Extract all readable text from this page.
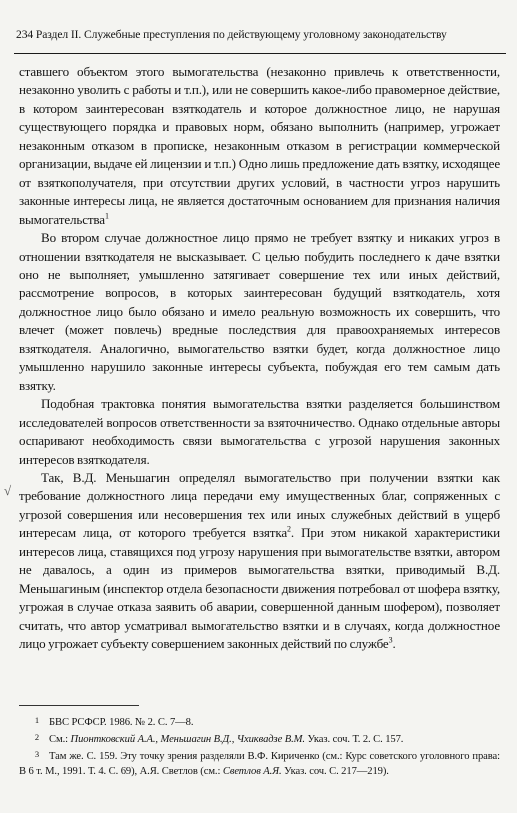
234 Раздел II. Служебные преступления по действующему уголовному законодательству

ставшего объектом этого вымогательства (незаконно привлечь к ответственности, незаконно уволить с работы и т.п.), или не совершить какое-либо правомерное действие, в котором заинтересован взяткодатель и которое должностное лицо, не нарушая существующего порядка и правовых норм, обязано выполнить (например, угрожает незаконным отказом в прописке, незаконным отказом в регистрации коммерческой организации, выдаче ей лицензии и т.п.) Одно лишь предложение дать взятку, исходящее от взяткополучателя, при отсутствии других условий, в частности угроз нарушить законные интересы лица, не является достаточным основанием для признания наличия вымогательства$^1$

Во втором случае должностное лицо прямо не требует взятку и никаких угроз в отношении взяткодателя не высказывает. С целью побудить последнего к даче взятки оно не выполняет, умышленно затягивает совершение тех или иных действий, рассмотрение вопросов, в которых заинтересован будущий взяткодатель, хотя должностное лицо было обязано и имело реальную возможность их совершить, что влечет (может повлечь) вредные последствия для правоохраняемых интересов взяткодателя. Аналогично, вымогательство взятки будет, когда должностное лицо умышленно нарушило законные интересы субъекта, побуждая его тем самым дать взятку.

Подобная трактовка понятия вымогательства взятки разделяется большинством исследователей вопросов ответственности за взяточничество. Однако отдельные авторы оспаривают необходимость связи вымогательства с угрозой нарушения законных интересов взяткодателя.

Так, В.Д. Меньшагин определял вымогательство при получении взятки как требование должностного лица передачи ему имущественных благ, сопряженных с угрозой совершения или несовершения тех или иных служебных действий в ущерб интересам лица, от которого требуется взятка$^2$. При этом никакой характеристики интересов лица, ставящихся под угрозу нарушения при вымогательстве взятки, автором не давалось, а один из примеров вымогательства взятки, приводимый В.Д. Меньшагиным (инспектор отдела безопасности движения потребовал от шофера взятку, угрожая в случае отказа заявить об аварии, совершенной данным шофером), позволяет считать, что автор усматривал вымогательство взятки и в случаях, когда должностное лицо угрожает субъекту совершением законных действий по службе$^3$.

√

1 БВС РСФСР. 1986. № 2. С. 7—8.

2 См.: Пионтковский А.А., Меньшагин В.Д., Чхиквадзе В.М. Указ. соч. Т. 2. С. 157.

3 Там же. С. 159. Эту точку зрения разделяли В.Ф. Кириченко (см.: Курс советского уголовного права: В 6 т. М., 1991. Т. 4. С. 69), А.Я. Светлов (см.: Светлов А.Я. Указ. соч. С. 217—219).
